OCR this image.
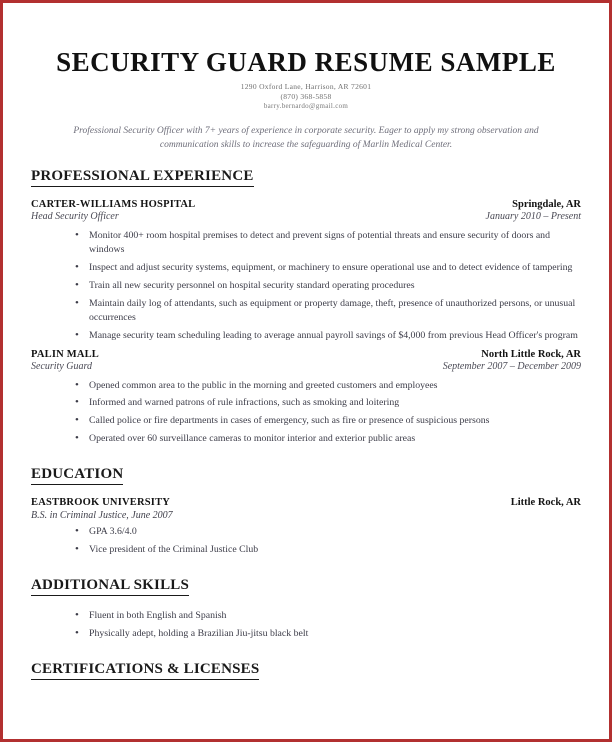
SECURITY GUARD RESUME SAMPLE
1290 Oxford Lane, Harrison, AR 72601
(870) 368-5858
barry.bernardo@gmail.com
Professional Security Officer with 7+ years of experience in corporate security. Eager to apply my strong observation and communication skills to increase the safeguarding of Marlin Medical Center.
PROFESSIONAL EXPERIENCE
CARTER-WILLIAMS HOSPITAL	Springdale, AR
Head Security Officer	January 2010 – Present
• Monitor 400+ room hospital premises to detect and prevent signs of potential threats and ensure security of doors and windows
• Inspect and adjust security systems, equipment, or machinery to ensure operational use and to detect evidence of tampering
• Train all new security personnel on hospital security standard operating procedures
• Maintain daily log of attendants, such as equipment or property damage, theft, presence of unauthorized persons, or unusual occurrences
• Manage security team scheduling leading to average annual payroll savings of $4,000 from previous Head Officer's program
PALIN MALL	North Little Rock, AR
Security Guard	September 2007 – December 2009
• Opened common area to the public in the morning and greeted customers and employees
• Informed and warned patrons of rule infractions, such as smoking and loitering
• Called police or fire departments in cases of emergency, such as fire or presence of suspicious persons
• Operated over 60 surveillance cameras to monitor interior and exterior public areas
EDUCATION
EASTBROOK UNIVERSITY	Little Rock, AR
B.S. in Criminal Justice, June 2007
• GPA 3.6/4.0
• Vice president of the Criminal Justice Club
ADDITIONAL SKILLS
• Fluent in both English and Spanish
• Physically adept, holding a Brazilian Jiu-jitsu black belt
CERTIFICATIONS & LICENSES
